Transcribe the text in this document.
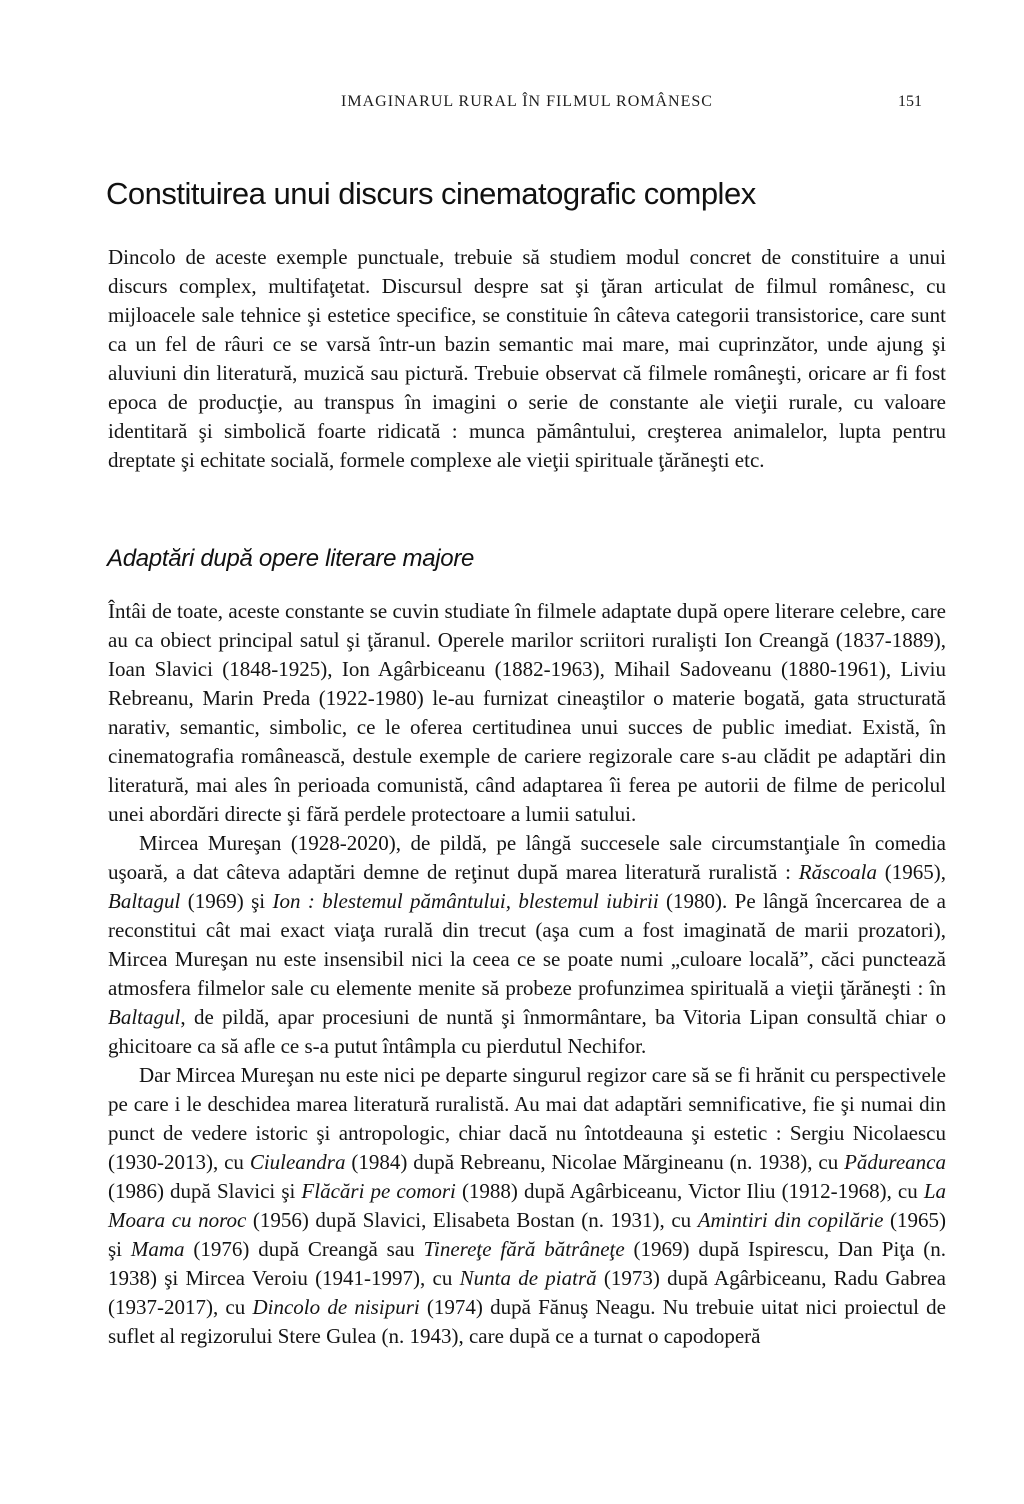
IMAGINARUL RURAL ÎN FILMUL ROMÂNESC	151
Constituirea unui discurs cinematografic complex

Dincolo de aceste exemple punctuale, trebuie să studiem modul concret de constituire a unui discurs complex, multifaţetat. Discursul despre sat şi ţăran articulat de filmul românesc, cu mijloacele sale tehnice şi estetice specifice, se constituie în câteva categorii transistorice, care sunt ca un fel de râuri ce se varsă într-un bazin semantic mai mare, mai cuprinzător, unde ajung şi aluviuni din literatură, muzică sau pictură. Trebuie observat că filmele româneşti, oricare ar fi fost epoca de producţie, au transpus în imagini o serie de constante ale vieţii rurale, cu valoare identitară şi simbolică foarte ridicată : munca pământului, creşterea animalelor, lupta pentru dreptate şi echitate socială, formele complexe ale vieţii spirituale ţărăneşti etc.

Adaptări după opere literare majore

Întâi de toate, aceste constante se cuvin studiate în filmele adaptate după opere literare celebre, care au ca obiect principal satul şi ţăranul. Operele marilor scriitori ruralişti Ion Creangă (1837-1889), Ioan Slavici (1848-1925), Ion Agârbiceanu (1882-1963), Mihail Sadoveanu (1880-1961), Liviu Rebreanu, Marin Preda (1922-1980) le-au furnizat cineaştilor o materie bogată, gata structurată narativ, semantic, simbolic, ce le oferea certitudinea unui succes de public imediat. Există, în cinematografia românească, destule exemple de cariere regizorale care s-au clădit pe adaptări din literatură, mai ales în perioada comunistă, când adaptarea îi ferea pe autorii de filme de pericolul unei abordări directe şi fără perdele protectoare a lumii satului.

Mircea Mureşan (1928-2020), de pildă, pe lângă succesele sale circumstanţiale în comedia uşoară, a dat câteva adaptări demne de reţinut după marea literatură ruralistă : Răscoala (1965), Baltagul (1969) şi Ion : blestemul pământului, blestemul iubirii (1980). Pe lângă încercarea de a reconstitui cât mai exact viaţa rurală din trecut (aşa cum a fost imaginată de marii prozatori), Mircea Mureşan nu este insensibil nici la ceea ce se poate numi „culoare locală”, căci punctează atmosfera filmelor sale cu elemente menite să probeze profunzimea spirituală a vieţii ţărăneşti : în Baltagul, de pildă, apar procesiuni de nuntă şi înmormântare, ba Vitoria Lipan consultă chiar o ghicitoare ca să afle ce s-a putut întâmpla cu pierdutul Nechifor.

Dar Mircea Mureşan nu este nici pe departe singurul regizor care să se fi hrănit cu perspectivele pe care i le deschidea marea literatură ruralistă. Au mai dat adaptări semnificative, fie şi numai din punct de vedere istoric şi antropologic, chiar dacă nu întotdeauna şi estetic : Sergiu Nicolaescu (1930-2013), cu Ciuleandra (1984) după Rebreanu, Nicolae Mărgineanu (n. 1938), cu Pădureanca (1986) după Slavici şi Flăcări pe comori (1988) după Agârbiceanu, Victor Iliu (1912-1968), cu La Moara cu noroc (1956) după Slavici, Elisabeta Bostan (n. 1931), cu Amintiri din copilărie (1965) şi Mama (1976) după Creangă sau Tinereţe fără bătrâneţe (1969) după Ispirescu, Dan Piţa (n. 1938) şi Mircea Veroiu (1941-1997), cu Nunta de piatră (1973) după Agârbiceanu, Radu Gabrea (1937-2017), cu Dincolo de nisipuri (1974) după Fănuş Neagu. Nu trebuie uitat nici proiectul de suflet al regizorului Stere Gulea (n. 1943), care după ce a turnat o capodoperă
